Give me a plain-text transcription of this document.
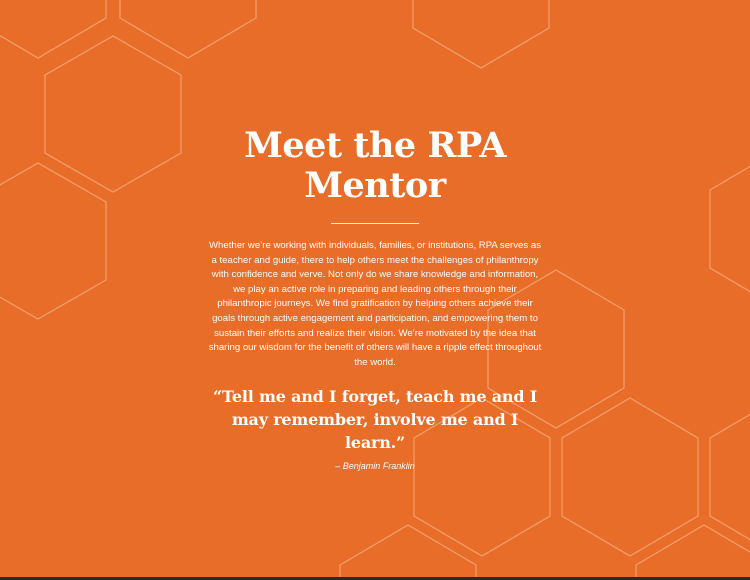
Meet the RPA
Mentor

Whether we’re working with individuals, families, or institutions, RPA serves as a teacher and guide, there to help others meet the challenges of philanthropy with confidence and verve. Not only do we share knowledge and information, we play an active role in preparing and leading others through their philanthropic journeys. We find gratification by helping others achieve their goals through active engagement and participation, and empowering them to sustain their efforts and realize their vision. We’re motivated by the idea that sharing our wisdom for the benefit of others will have a ripple effect throughout the world.

“Tell me and I forget, teach me and I may remember, involve me and I learn.”

– Benjamin Franklin
